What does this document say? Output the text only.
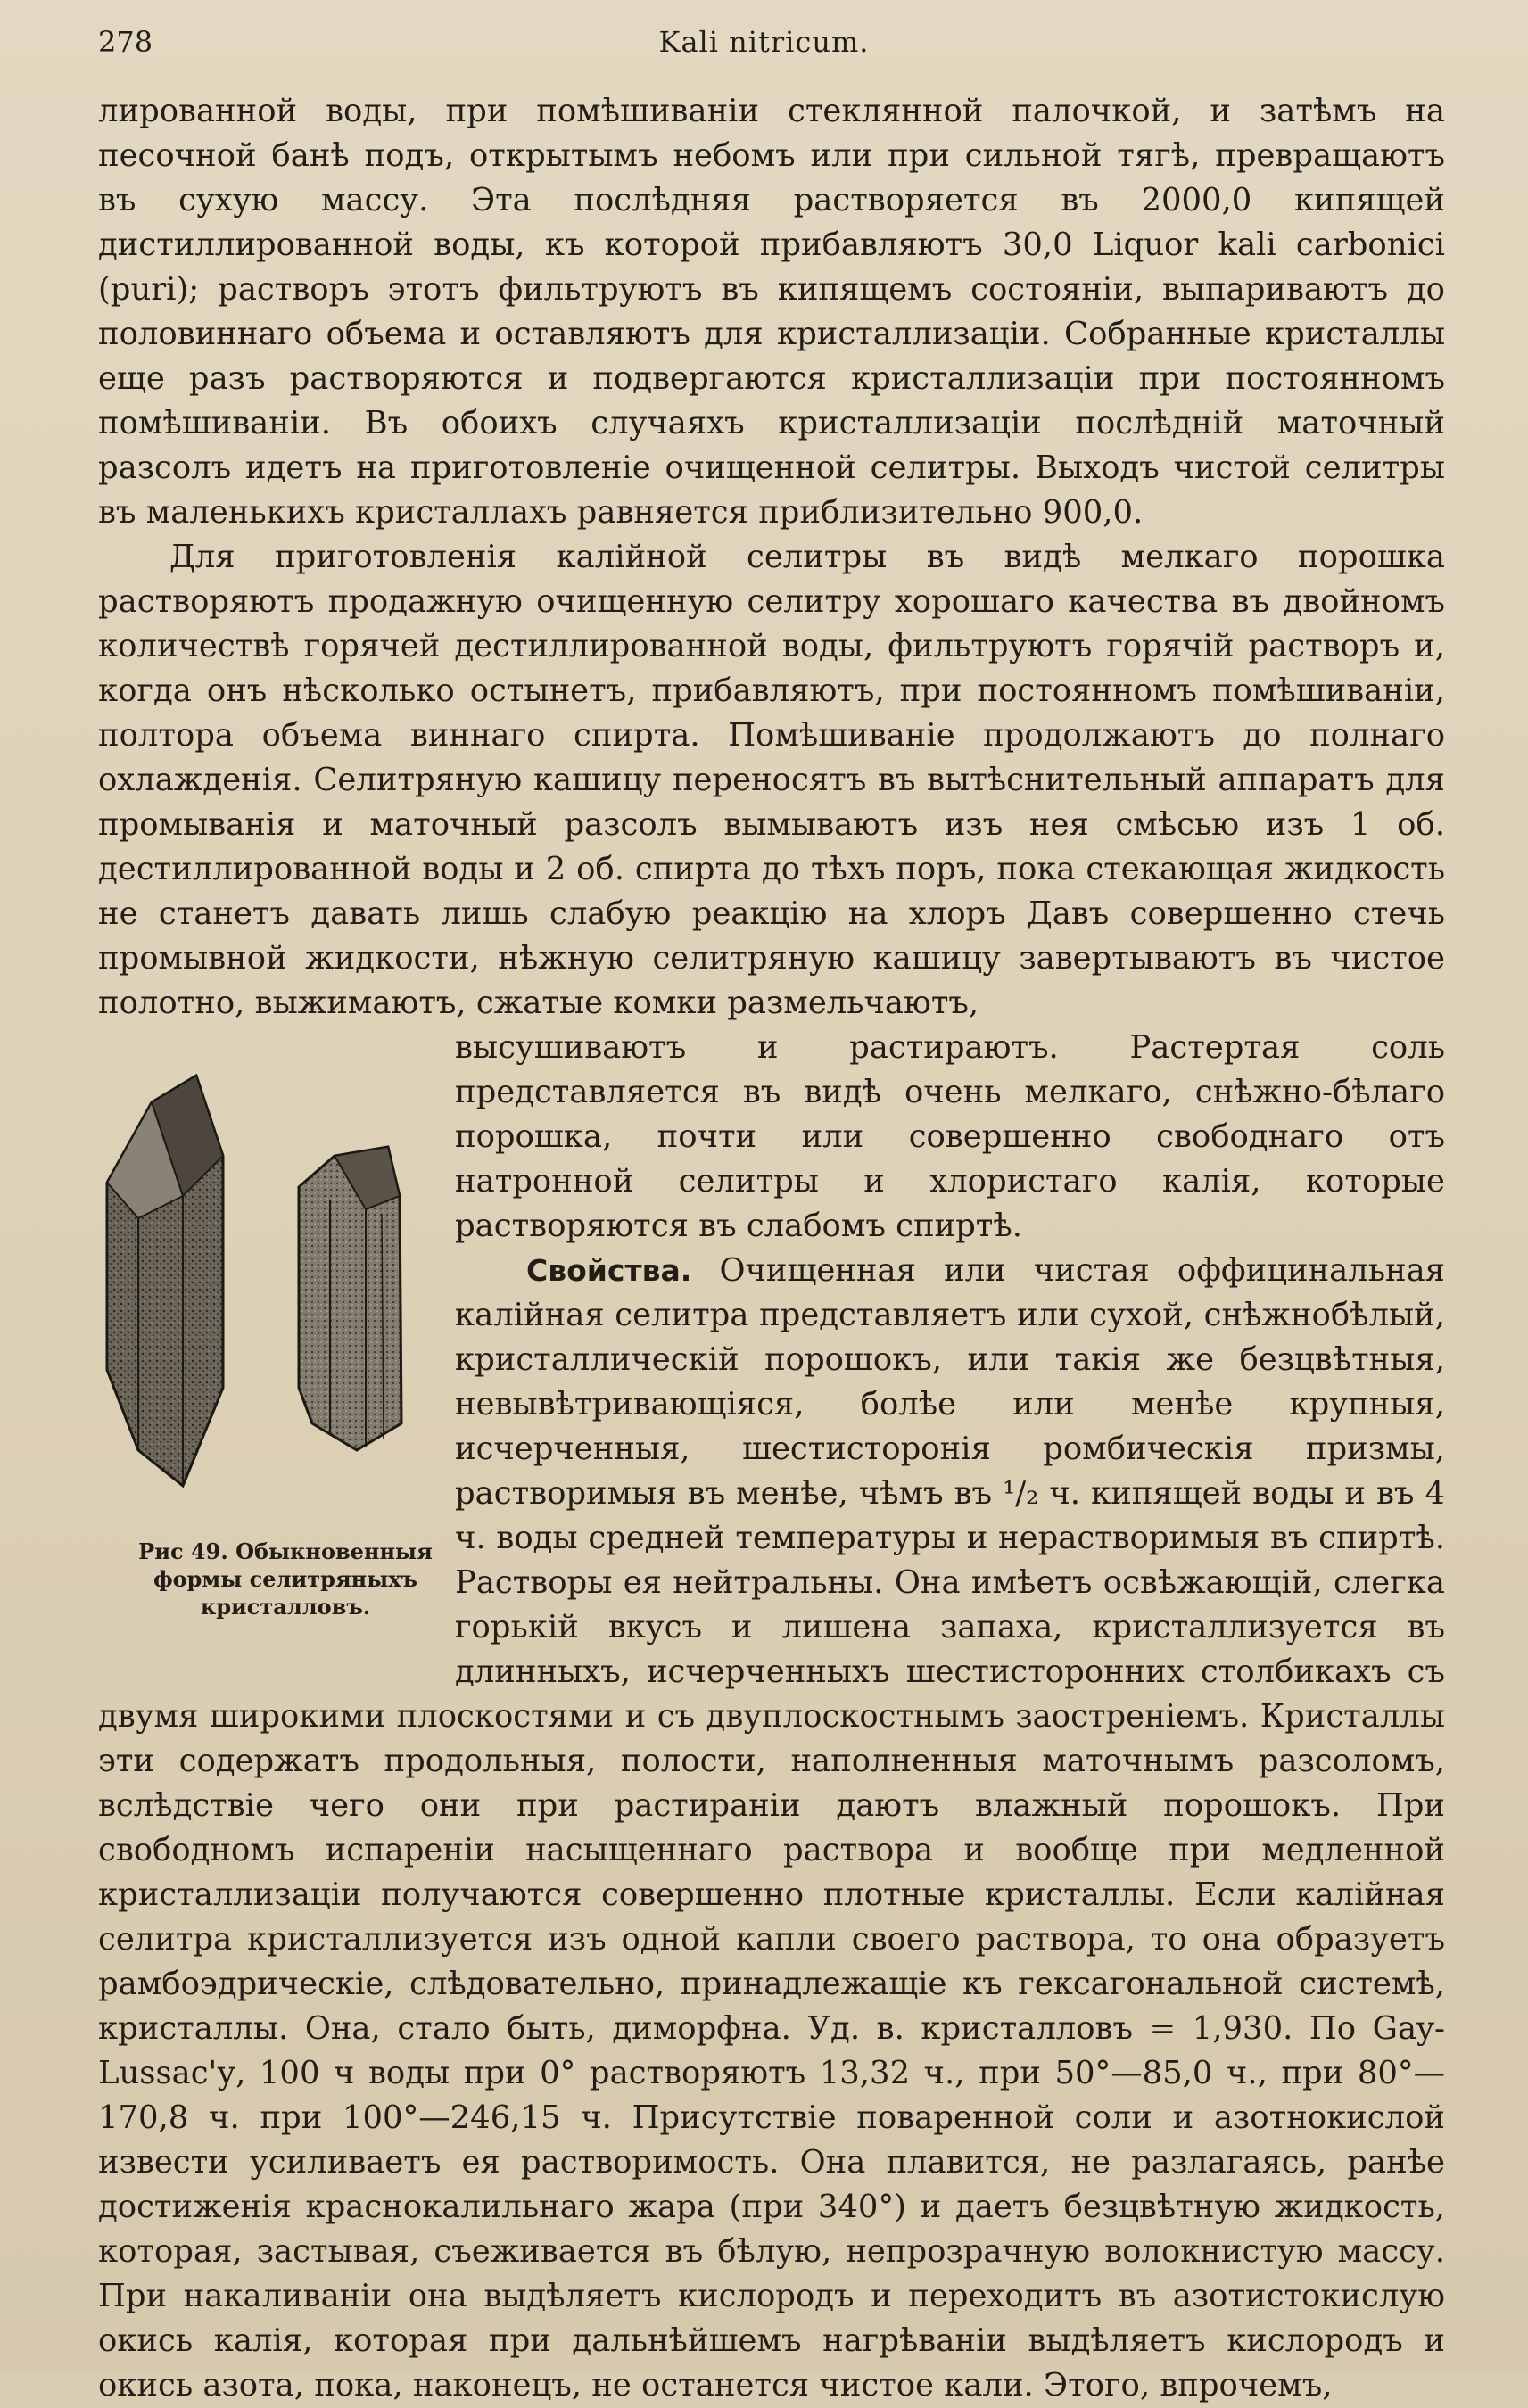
278	Kali nitricum.

лированной воды, при помѣшиванiи стеклянной палочкой, и затѣмъ на песочной банѣ подъ, открытымъ небомъ или при сильной тягѣ, превращаютъ въ сухую массу. Эта послѣдняя растворяется въ 2000,0 кипящей дистиллированной воды, къ которой прибавляютъ 30,0 Liquor kali carbonici (puri); растворъ этотъ фильтруютъ въ кипящемъ состоянiи, выпариваютъ до половиннаго объема и оставляютъ для кристаллизацiи. Собранные кристаллы еще разъ растворяются и подвергаются кристаллизацiи при постоянномъ помѣшиванiи. Въ обоихъ случаяхъ кристаллизацiи послѣднiй маточный разсолъ идетъ на приготовленiе очищенной селитры. Выходъ чистой селитры въ маленькихъ кристаллахъ равняется приблизительно 900,0.

Для приготовленiя калiйной селитры въ видѣ мелкаго порошка растворяютъ продажную очищенную селитру хорошаго качества въ двойномъ количествѣ горячей дестиллированной воды, фильтруютъ горячiй растворъ и, когда онъ нѣсколько остынетъ, прибавляютъ, при постоянномъ помѣшиванiи, полтора объема виннаго спирта. Помѣшиванiе продолжаютъ до полнаго охлажденiя. Селитряную кашицу переносятъ въ вытѣснительный аппаратъ для промыванiя и маточный разсолъ вымываютъ изъ нея смѣсью изъ 1 об. дестиллированной воды и 2 об. спирта до тѣхъ поръ, пока стекающая жидкость не станетъ давать лишь слабую реакцiю на хлоръ Давъ совершенно стечь промывной жидкости, нѣжную селитряную кашицу завертываютъ въ чистое полотно, выжимаютъ, сжатые комки размельчаютъ,

Рис 49. Обыкновенныя формы селитряныхъ кристалловъ.

высушиваютъ и растираютъ. Растертая соль представляется въ видѣ очень мелкаго, снѣжно-бѣлаго порошка, почти или совершенно свободнаго отъ натронной селитры и хлористаго калiя, которые растворяются въ слабомъ спиртѣ.

Свойства. Очищенная или чистая оффицинальная калiйная селитра представляетъ или сухой, снѣжнобѣлый, кристаллическiй порошокъ, или такiя же безцвѣтныя, невывѣтривающiяся, болѣе или менѣе крупныя, исчерченныя, шестисторонiя ромбическiя призмы, растворимыя въ менѣе, чѣмъ въ ¹/₂ ч. кипящей воды и въ 4 ч. воды средней температуры и нерастворимыя въ спиртѣ. Растворы ея нейтральны. Она имѣетъ освѣжающiй, слегка горькiй вкусъ и лишена запаха, кристаллизуется въ длинныхъ, исчерченныхъ шестисторонних столбикахъ съ двумя широкими плоскостями и съ двуплоскостнымъ заостренiемъ. Кристаллы эти содержатъ продольныя, полости, наполненныя маточнымъ разсоломъ, вслѣдствiе чего они при растиранiи даютъ влажный порошокъ. При свободномъ испаренiи насыщеннаго раствора и вообще при медленной кристаллизацiи получаются совершенно плотные кристаллы. Если калiйная селитра кристаллизуется изъ одной капли своего раствора, то она образуетъ рамбоэдрическiе, слѣдовательно, принадлежащiе къ гексагональной системѣ, кристаллы. Она, стало быть, диморфна. Уд. в. кристалловъ = 1,930. По Gay-Lussac'у, 100 ч воды при 0° растворяютъ 13,32 ч., при 50°—85,0 ч., при 80°—170,8 ч. при 100°—246,15 ч. Присутствiе поваренной соли и азотнокислой извести усиливаетъ ея растворимость. Она плавится, не разлагаясь, ранѣе достиженiя краснокалильнаго жара (при 340°) и даетъ безцвѣтную жидкость, которая, застывая, съеживается въ бѣлую, непрозрачную волокнистую массу. При накаливанiи она выдѣляетъ кислородъ и переходитъ въ азотистокислую окись калiя, которая при дальнѣйшемъ нагрѣванiи выдѣляетъ кислородъ и окись азота, пока, наконецъ, не останется чистое кали. Этого, впрочемъ,
